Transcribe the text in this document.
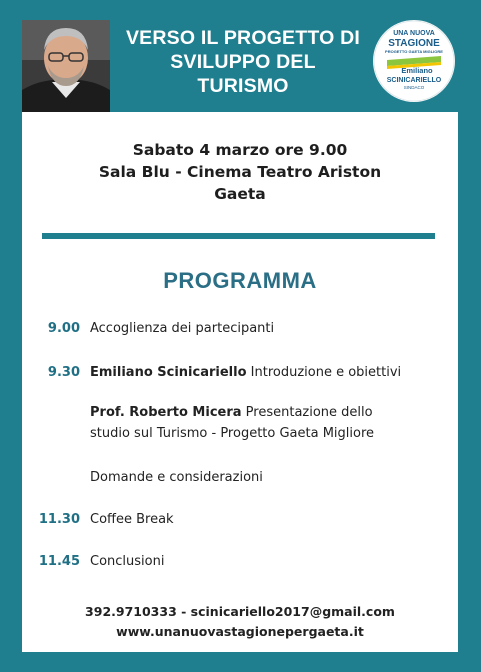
VERSO IL PROGETTO DI
SVILUPPO DEL
TURISMO
UNA NUOVA
STAGIONE
PROGETTO GAETA MIGLIORE
Emiliano
SCINICARIELLO
SINDACO
Sabato 4 marzo ore 9.00
Sala Blu - Cinema Teatro Ariston
Gaeta
PROGRAMMA
9.00 Accoglienza dei partecipanti
9.30 Emiliano Scinicariello Introduzione e obiettivi
Prof. Roberto Micera Presentazione dello
studio sul Turismo - Progetto Gaeta Migliore
Domande e considerazioni
11.30 Coffee Break
11.45 Conclusioni
392.9710333 - scinicariello2017@gmail.com
www.unanuovastagionepergaeta.it
